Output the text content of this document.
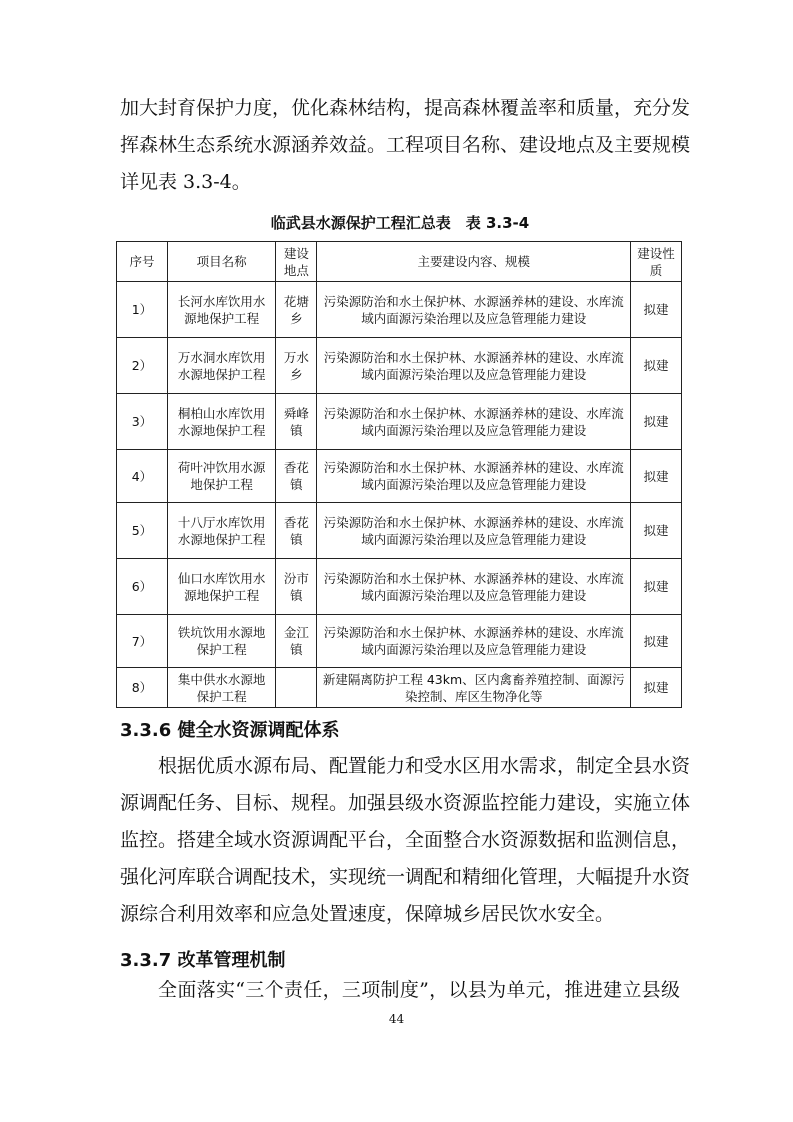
加大封育保护力度，优化森林结构，提高森林覆盖率和质量，充分发
挥森林生态系统水源涵养效益。工程项目名称、建设地点及主要规模
详见表 3.3-4。
临武县水源保护工程汇总表　表 3.3-4
序号	项目名称	建设地点	主要建设内容、规模	建设性质
1）	长河水库饮用水源地保护工程	花塘乡	污染源防治和水土保护林、水源涵养林的建设、水库流域内面源污染治理以及应急管理能力建设	拟建
2）	万水洞水库饮用水源地保护工程	万水乡	污染源防治和水土保护林、水源涵养林的建设、水库流域内面源污染治理以及应急管理能力建设	拟建
3）	桐柏山水库饮用水源地保护工程	舜峰镇	污染源防治和水土保护林、水源涵养林的建设、水库流域内面源污染治理以及应急管理能力建设	拟建
4）	荷叶冲饮用水源地保护工程	香花镇	污染源防治和水土保护林、水源涵养林的建设、水库流域内面源污染治理以及应急管理能力建设	拟建
5）	十八厅水库饮用水源地保护工程	香花镇	污染源防治和水土保护林、水源涵养林的建设、水库流域内面源污染治理以及应急管理能力建设	拟建
6）	仙口水库饮用水源地保护工程	汾市镇	污染源防治和水土保护林、水源涵养林的建设、水库流域内面源污染治理以及应急管理能力建设	拟建
7）	铁坑饮用水源地保护工程	金江镇	污染源防治和水土保护林、水源涵养林的建设、水库流域内面源污染治理以及应急管理能力建设	拟建
8）	集中供水水源地保护工程		新建隔离防护工程 43km、区内禽畜养殖控制、面源污染控制、库区生物净化等	拟建
3.3.6 健全水资源调配体系
根据优质水源布局、配置能力和受水区用水需求，制定全县水资
源调配任务、目标、规程。加强县级水资源监控能力建设，实施立体
监控。搭建全域水资源调配平台，全面整合水资源数据和监测信息，
强化河库联合调配技术，实现统一调配和精细化管理，大幅提升水资
源综合利用效率和应急处置速度，保障城乡居民饮水安全。
3.3.7 改革管理机制
全面落实“三个责任，三项制度”，以县为单元，推进建立县级
44
